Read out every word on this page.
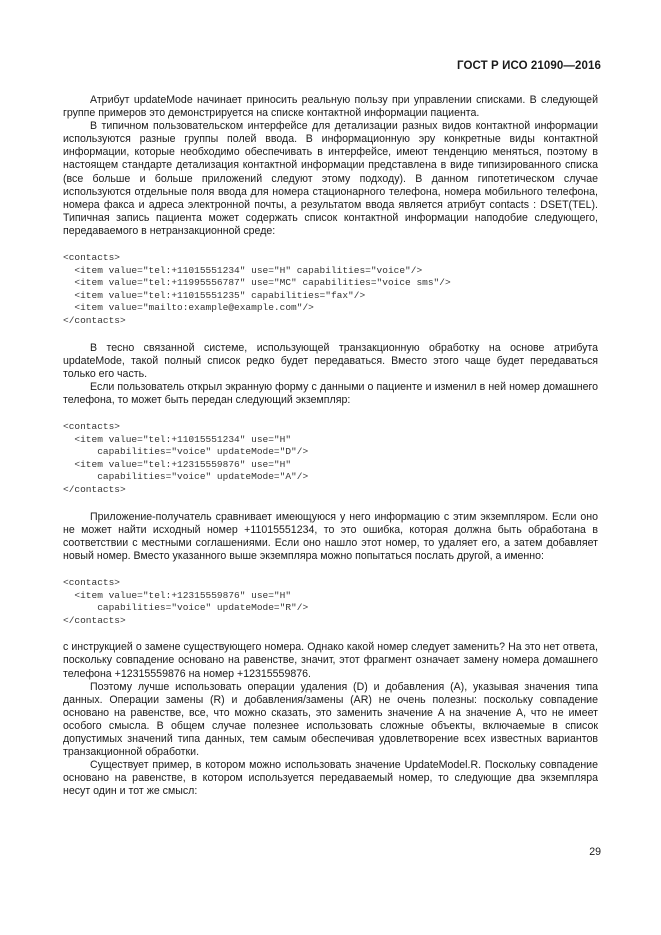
ГОСТ Р ИСО 21090—2016

Атрибут updateMode начинает приносить реальную пользу при управлении списками. В следующей группе примеров это демонстрируется на списке контактной информации пациента.

В типичном пользовательском интерфейсе для детализации разных видов контактной информации используются разные группы полей ввода. В информационную эру конкретные виды контактной информации, которые необходимо обеспечивать в интерфейсе, имеют тенденцию меняться, поэтому в настоящем стандарте детализация контактной информации представлена в виде типизированного списка (все больше и больше приложений следуют этому подходу). В данном гипотетическом случае используются отдельные поля ввода для номера стационарного телефона, номера мобильного телефона, номера факса и адреса электронной почты, а результатом ввода является атрибут contacts : DSET(TEL). Типичная запись пациента может содержать список контактной информации наподобие следующего, передаваемого в нетранзакционной среде:

<contacts>
<item value="tel:+11015551234" use="H" capabilities="voice"/>
<item value="tel:+11995556787" use="MC" capabilities="voice sms"/>
<item value="tel:+11015551235" capabilities="fax"/>
<item value="mailto:example@example.com"/>
</contacts>

В тесно связанной системе, использующей транзакционную обработку на основе атрибута updateMode, такой полный список редко будет передаваться. Вместо этого чаще будет передаваться только его часть.

Если пользователь открыл экранную форму с данными о пациенте и изменил в ней номер домашнего телефона, то может быть передан следующий экземпляр:

<contacts>
<item value="tel:+11015551234" use="H"
capabilities="voice" updateMode="D"/>
<item value="tel:+12315559876" use="H"
capabilities="voice" updateMode="A"/>
</contacts>

Приложение-получатель сравнивает имеющуюся у него информацию с этим экземпляром. Если оно не может найти исходный номер +11015551234, то это ошибка, которая должна быть обработана в соответствии с местными соглашениями. Если оно нашло этот номер, то удаляет его, а затем добавляет новый номер. Вместо указанного выше экземпляра можно попытаться послать другой, а именно:

<contacts>
<item value="tel:+12315559876" use="H"
capabilities="voice" updateMode="R"/>
</contacts>

с инструкцией о замене существующего номера. Однако какой номер следует заменить? На это нет ответа, поскольку совпадение основано на равенстве, значит, этот фрагмент означает замену номера домашнего телефона +12315559876 на номер +12315559876.

Поэтому лучше использовать операции удаления (D) и добавления (A), указывая значения типа данных. Операции замены (R) и добавления/замены (AR) не очень полезны: поскольку совпадение основано на равенстве, все, что можно сказать, это заменить значение A на значение A, что не имеет особого смысла. В общем случае полезнее использовать сложные объекты, включаемые в список допустимых значений типа данных, тем самым обеспечивая удовлетворение всех известных вариантов транзакционной обработки.

Существует пример, в котором можно использовать значение UpdateModel.R. Поскольку совпадение основано на равенстве, в котором используется передаваемый номер, то следующие два экземпляра несут один и тот же смысл:

29
